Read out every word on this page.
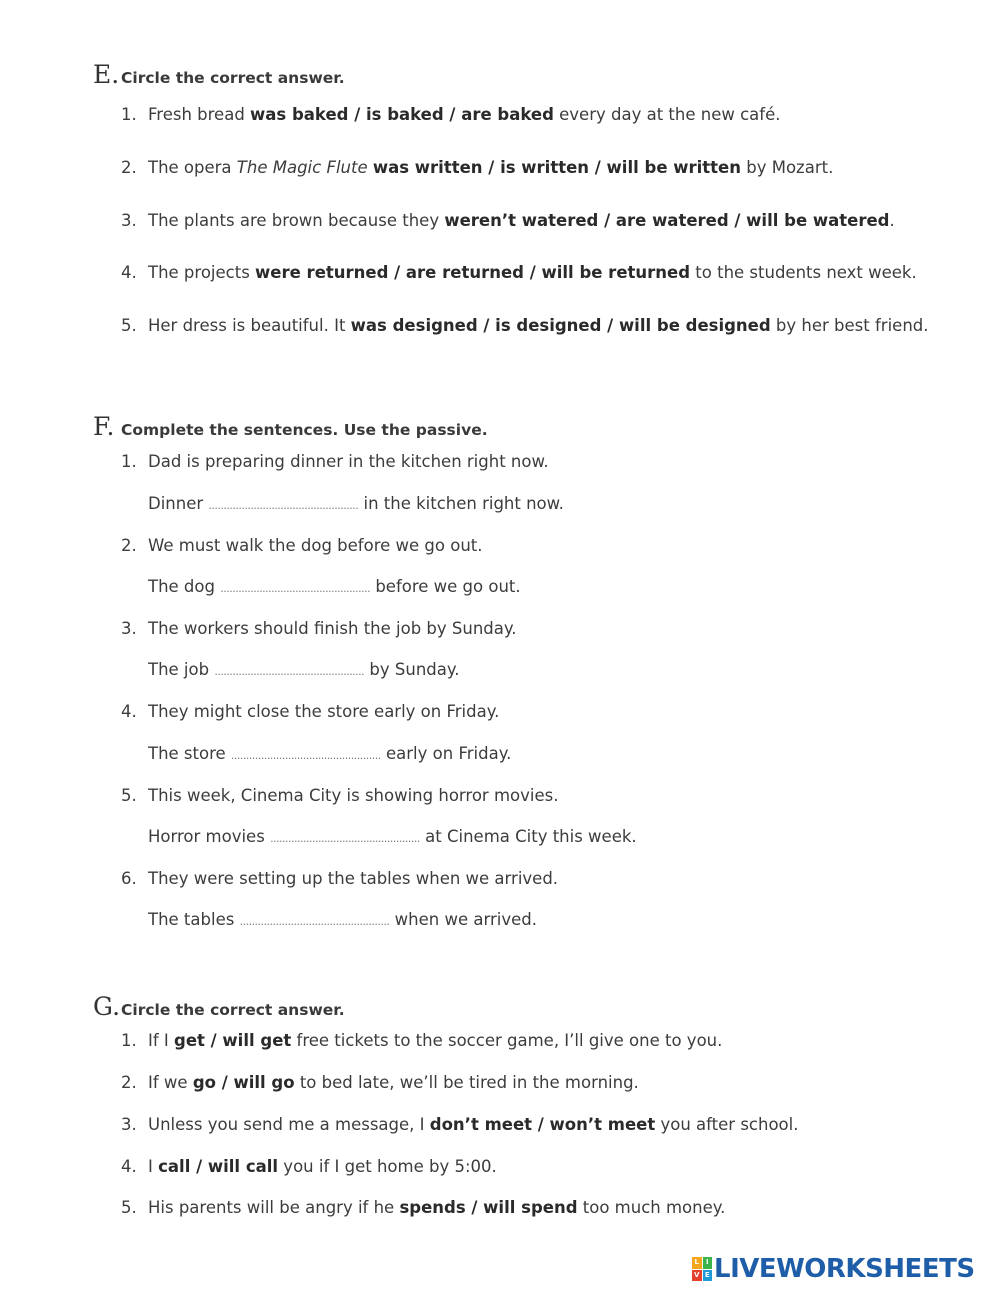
E. Circle the correct answer.
1. Fresh bread was baked / is baked / are baked every day at the new café.
2. The opera The Magic Flute was written / is written / will be written by Mozart.
3. The plants are brown because they weren’t watered / are watered / will be watered.
4. The projects were returned / are returned / will be returned to the students next week.
5. Her dress is beautiful. It was designed / is designed / will be designed by her best friend.
F. Complete the sentences. Use the passive.
1. Dad is preparing dinner in the kitchen right now.
Dinner .................................................. in the kitchen right now.
2. We must walk the dog before we go out.
The dog .................................................. before we go out.
3. The workers should finish the job by Sunday.
The job .................................................. by Sunday.
4. They might close the store early on Friday.
The store .................................................. early on Friday.
5. This week, Cinema City is showing horror movies.
Horror movies .................................................. at Cinema City this week.
6. They were setting up the tables when we arrived.
The tables .................................................. when we arrived.
G. Circle the correct answer.
1. If I get / will get free tickets to the soccer game, I’ll give one to you.
2. If we go / will go to bed late, we’ll be tired in the morning.
3. Unless you send me a message, I don’t meet / won’t meet you after school.
4. I call / will call you if I get home by 5:00.
5. His parents will be angry if he spends / will spend too much money.
L I
V E LIVEWORKSHEETS
